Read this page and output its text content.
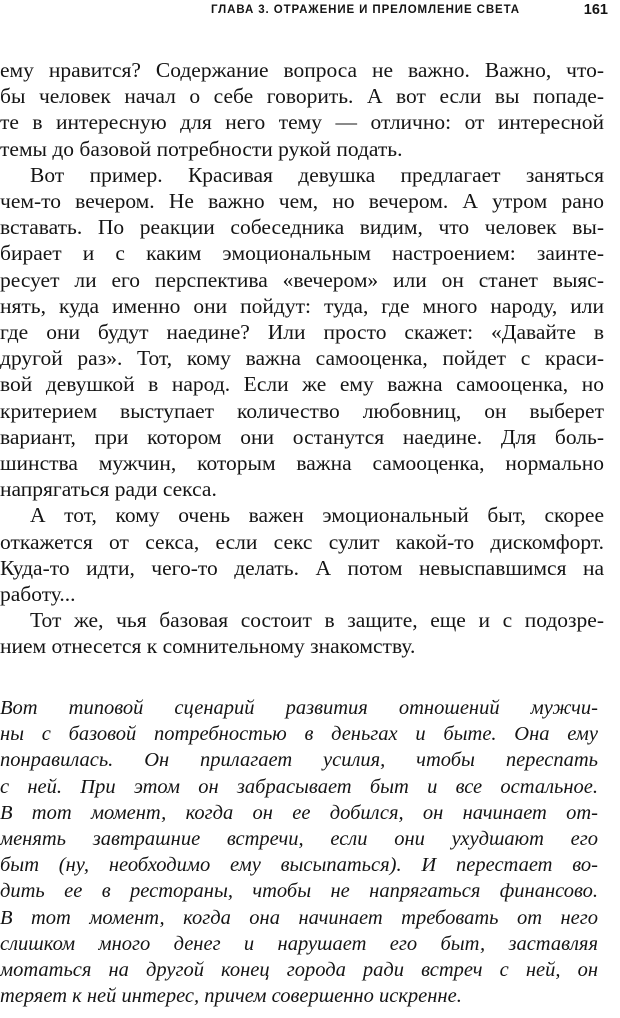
ГЛАВА 3. ОТРАЖЕНИЕ И ПРЕЛОМЛЕНИЕ СВЕТА	161
ему нравится? Содержание вопроса не важно. Важно, что-
бы человек начал о себе говорить. А вот если вы попаде-
те в интересную для него тему — отлично: от интересной
темы до базовой потребности рукой подать.
Вот пример. Красивая девушка предлагает заняться
чем-то вечером. Не важно чем, но вечером. А утром рано
вставать. По реакции собеседника видим, что человек вы-
бирает и с каким эмоциональным настроением: заинте-
ресует ли его перспектива «вечером» или он станет выяс-
нять, куда именно они пойдут: туда, где много народу, или
где они будут наедине? Или просто скажет: «Давайте в
другой раз». Тот, кому важна самооценка, пойдет с краси-
вой девушкой в народ. Если же ему важна самооценка, но
критерием выступает количество любовниц, он выберет
вариант, при котором они останутся наедине. Для боль-
шинства мужчин, которым важна самооценка, нормально
напрягаться ради секса.
А тот, кому очень важен эмоциональный быт, скорее
откажется от секса, если секс сулит какой-то дискомфорт.
Куда-то идти, чего-то делать. А потом невыспавшимся на
работу...
Тот же, чья базовая состоит в защите, еще и с подозре-
нием отнесется к сомнительному знакомству.
Вот типовой сценарий развития отношений мужчи-
ны с базовой потребностью в деньгах и быте. Она ему
понравилась. Он прилагает усилия, чтобы переспать
с ней. При этом он забрасывает быт и все остальное.
В тот момент, когда он ее добился, он начинает от-
менять завтрашние встречи, если они ухудшают его
быт (ну, необходимо ему высыпаться). И перестает во-
дить ее в рестораны, чтобы не напрягаться финансово.
В тот момент, когда она начинает требовать от него
слишком много денег и нарушает его быт, заставляя
мотаться на другой конец города ради встреч с ней, он
теряет к ней интерес, причем совершенно искренне.
